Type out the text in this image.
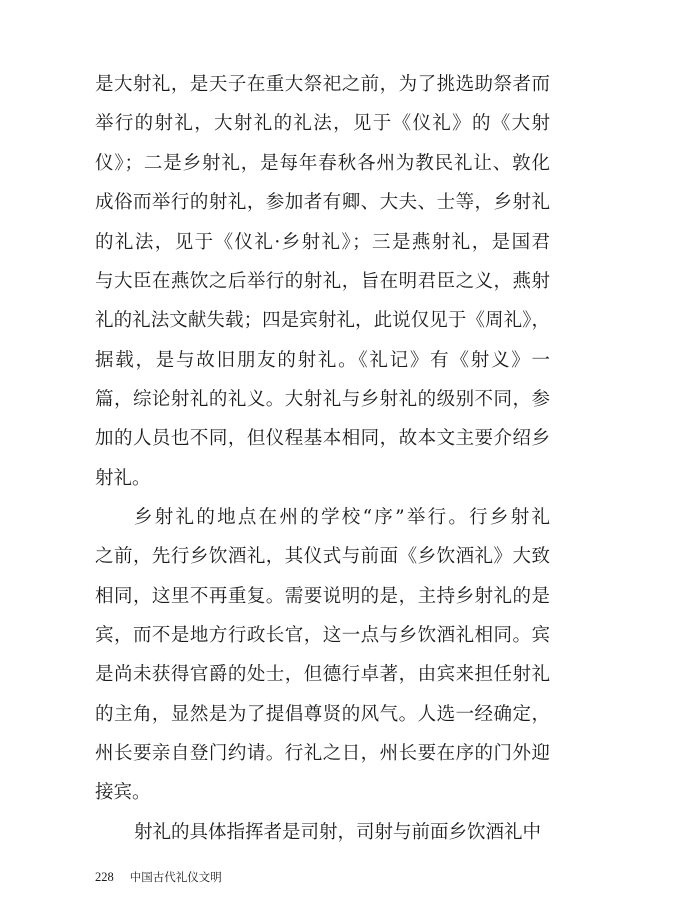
是大射礼，是天子在重大祭祀之前，为了挑选助祭者而
举行的射礼，大射礼的礼法，见于《仪礼》的《大射
仪》；二是乡射礼，是每年春秋各州为教民礼让、敦化
成俗而举行的射礼，参加者有卿、大夫、士等，乡射礼
的礼法，见于《仪礼·乡射礼》；三是燕射礼，是国君
与大臣在燕饮之后举行的射礼，旨在明君臣之义，燕射
礼的礼法文献失载；四是宾射礼，此说仅见于《周礼》，
据载，是与故旧朋友的射礼。《礼记》有《射义》一
篇，综论射礼的礼义。大射礼与乡射礼的级别不同，参
加的人员也不同，但仪程基本相同，故本文主要介绍乡
射礼。
乡射礼的地点在州的学校“序”举行。行乡射礼
之前，先行乡饮酒礼，其仪式与前面《乡饮酒礼》大致
相同，这里不再重复。需要说明的是，主持乡射礼的是
宾，而不是地方行政长官，这一点与乡饮酒礼相同。宾
是尚未获得官爵的处士，但德行卓著，由宾来担任射礼
的主角，显然是为了提倡尊贤的风气。人选一经确定，
州长要亲自登门约请。行礼之日，州长要在序的门外迎
接宾。
射礼的具体指挥者是司射，司射与前面乡饮酒礼中
228 中国古代礼仪文明
